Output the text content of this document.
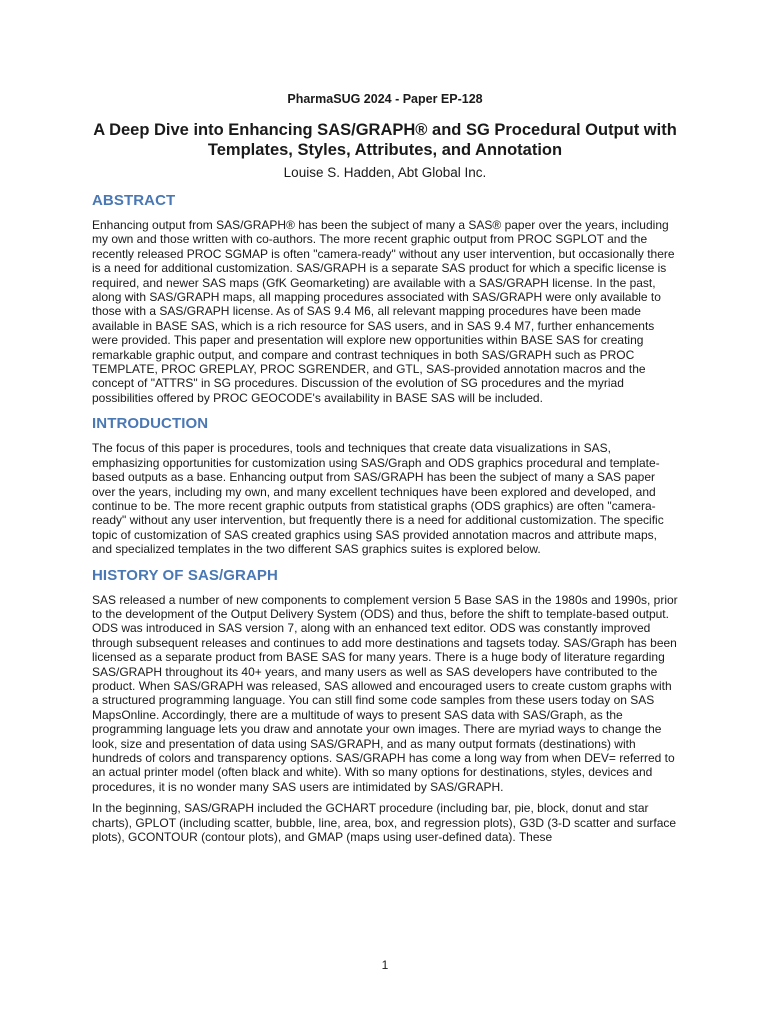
PharmaSUG 2024 - Paper EP-128
A Deep Dive into Enhancing SAS/GRAPH® and SG Procedural Output with
Templates, Styles, Attributes, and Annotation
Louise S. Hadden, Abt Global Inc.
ABSTRACT

Enhancing output from SAS/GRAPH® has been the subject of many a SAS® paper over the years, including my own and those written with co-authors. The more recent graphic output from PROC SGPLOT and the recently released PROC SGMAP is often "camera-ready" without any user intervention, but occasionally there is a need for additional customization. SAS/GRAPH is a separate SAS product for which a specific license is required, and newer SAS maps (GfK Geomarketing) are available with a SAS/GRAPH license. In the past, along with SAS/GRAPH maps, all mapping procedures associated with SAS/GRAPH were only available to those with a SAS/GRAPH license. As of SAS 9.4 M6, all relevant mapping procedures have been made available in BASE SAS, which is a rich resource for SAS users, and in SAS 9.4 M7, further enhancements were provided. This paper and presentation will explore new opportunities within BASE SAS for creating remarkable graphic output, and compare and contrast techniques in both SAS/GRAPH such as PROC TEMPLATE, PROC GREPLAY, PROC SGRENDER, and GTL, SAS-provided annotation macros and the concept of "ATTRS" in SG procedures. Discussion of the evolution of SG procedures and the myriad possibilities offered by PROC GEOCODE's availability in BASE SAS will be included.

INTRODUCTION

The focus of this paper is procedures, tools and techniques that create data visualizations in SAS, emphasizing opportunities for customization using SAS/Graph and ODS graphics procedural and template-based outputs as a base. Enhancing output from SAS/GRAPH has been the subject of many a SAS paper over the years, including my own, and many excellent techniques have been explored and developed, and continue to be. The more recent graphic outputs from statistical graphs (ODS graphics) are often "camera-ready" without any user intervention, but frequently there is a need for additional customization. The specific topic of customization of SAS created graphics using SAS provided annotation macros and attribute maps, and specialized templates in the two different SAS graphics suites is explored below.

HISTORY OF SAS/GRAPH

SAS released a number of new components to complement version 5 Base SAS in the 1980s and 1990s, prior to the development of the Output Delivery System (ODS) and thus, before the shift to template-based output. ODS was introduced in SAS version 7, along with an enhanced text editor. ODS was constantly improved through subsequent releases and continues to add more destinations and tagsets today. SAS/Graph has been licensed as a separate product from BASE SAS for many years. There is a huge body of literature regarding SAS/GRAPH throughout its 40+ years, and many users as well as SAS developers have contributed to the product. When SAS/GRAPH was released, SAS allowed and encouraged users to create custom graphs with a structured programming language. You can still find some code samples from these users today on SAS MapsOnline. Accordingly, there are a multitude of ways to present SAS data with SAS/Graph, as the programming language lets you draw and annotate your own images. There are myriad ways to change the look, size and presentation of data using SAS/GRAPH, and as many output formats (destinations) with hundreds of colors and transparency options. SAS/GRAPH has come a long way from when DEV= referred to an actual printer model (often black and white). With so many options for destinations, styles, devices and procedures, it is no wonder many SAS users are intimidated by SAS/GRAPH.

In the beginning, SAS/GRAPH included the GCHART procedure (including bar, pie, block, donut and star charts), GPLOT (including scatter, bubble, line, area, box, and regression plots), G3D (3-D scatter and surface plots), GCONTOUR (contour plots), and GMAP (maps using user-defined data). These

1
